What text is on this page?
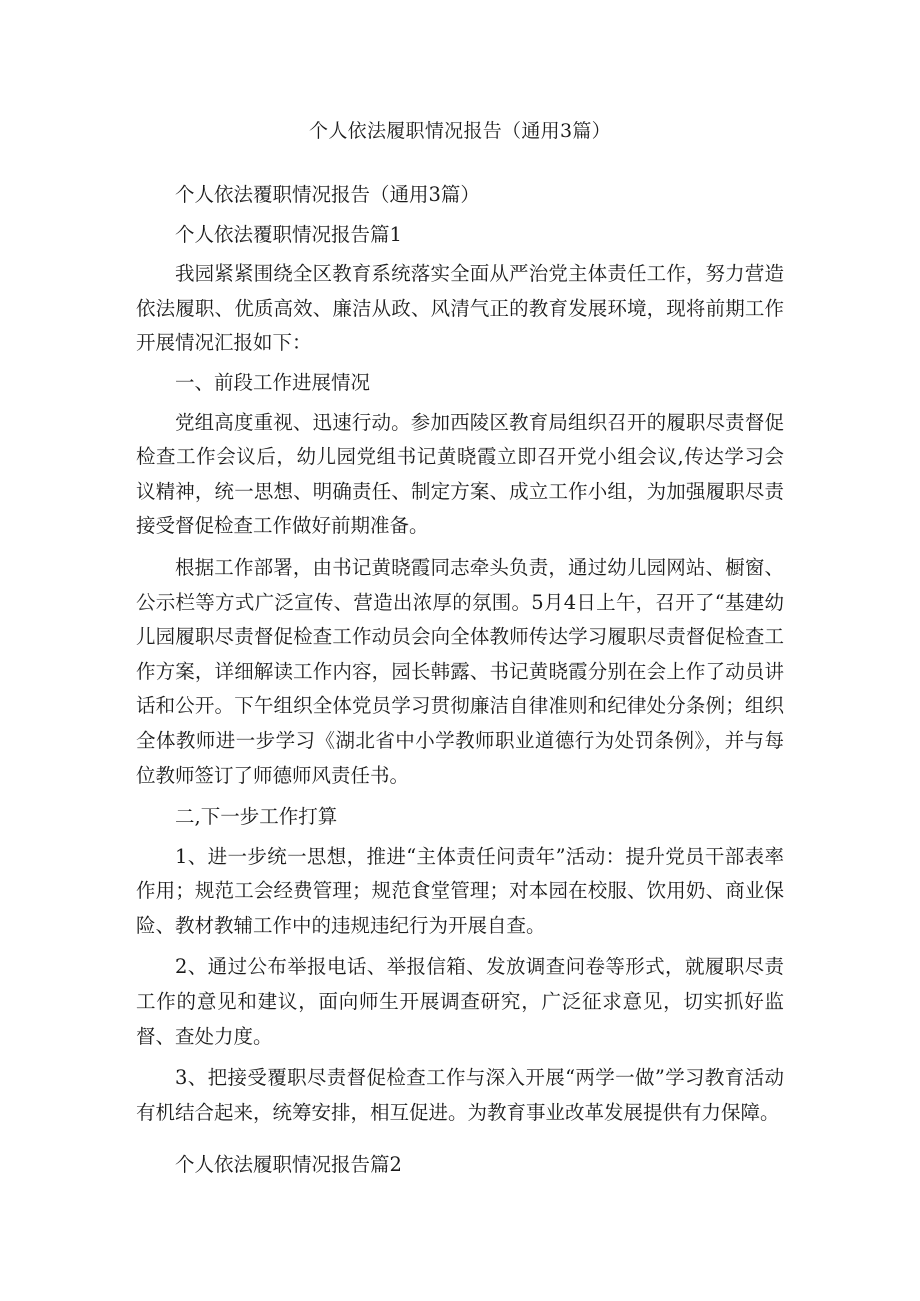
个人依法履职情况报告（通用3篇）

个人依法覆职情况报告（通用3篇）

个人依法覆职情况报告篇1

我园紧紧围绕全区教育系统落实全面从严治党主体责任工作，努力营造依法履职、优质高效、廉洁从政、风清气正的教育发展环境，现将前期工作开展情况汇报如下：

一、前段工作进展情况

党组高度重视、迅速行动。参加西陵区教育局组织召开的履职尽责督促检查工作会议后，幼儿园党组书记黄晓霞立即召开党小组会议,传达学习会议精神，统一思想、明确责任、制定方案、成立工作小组，为加强履职尽责接受督促检查工作做好前期准备。

根据工作部署，由书记黄晓霞同志牵头负责，通过幼儿园网站、橱窗、公示栏等方式广泛宣传、营造出浓厚的氛围。5月4日上午，召开了“基建幼儿园履职尽责督促检查工作动员会向全体教师传达学习履职尽责督促检查工作方案，详细解读工作内容，园长韩露、书记黄晓霞分别在会上作了动员讲话和公开。下午组织全体党员学习贯彻廉洁自律准则和纪律处分条例；组织全体教师进一步学习《湖北省中小学教师职业道德行为处罚条例》，并与每位教师签订了师德师风责任书。

二,下一步工作打算

1、进一步统一思想，推进“主体责任问责年”活动：提升党员干部表率作用；规范工会经费管理；规范食堂管理；对本园在校服、饮用奶、商业保险、教材教辅工作中的违规违纪行为开展自查。

2、通过公布举报电话、举报信箱、发放调查问卷等形式，就履职尽责工作的意见和建议，面向师生开展调查研究，广泛征求意见，切实抓好监督、查处力度。

3、把接受覆职尽责督促检查工作与深入开展“两学一做”学习教育活动有机结合起来，统筹安排，相互促进。为教育事业改革发展提供有力保障。

个人依法履职情况报告篇2
